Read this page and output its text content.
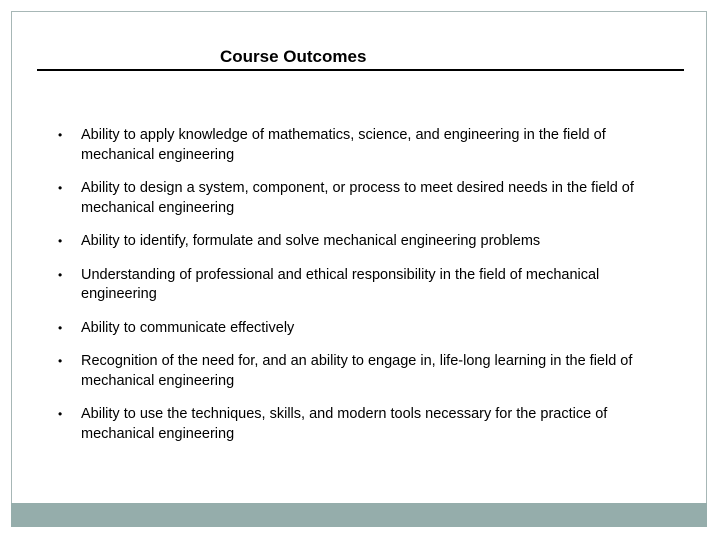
Course Outcomes
• Ability to apply knowledge of mathematics, science, and engineering in the field of mechanical engineering
• Ability to design a system, component, or process to meet desired needs in the field of mechanical engineering
• Ability to identify, formulate and solve mechanical engineering problems
• Understanding of professional and ethical responsibility in the field of mechanical engineering
• Ability to communicate effectively
• Recognition of the need for, and an ability to engage in, life-long learning in the field of mechanical engineering
• Ability to use the techniques, skills, and modern tools necessary for the practice of mechanical engineering
